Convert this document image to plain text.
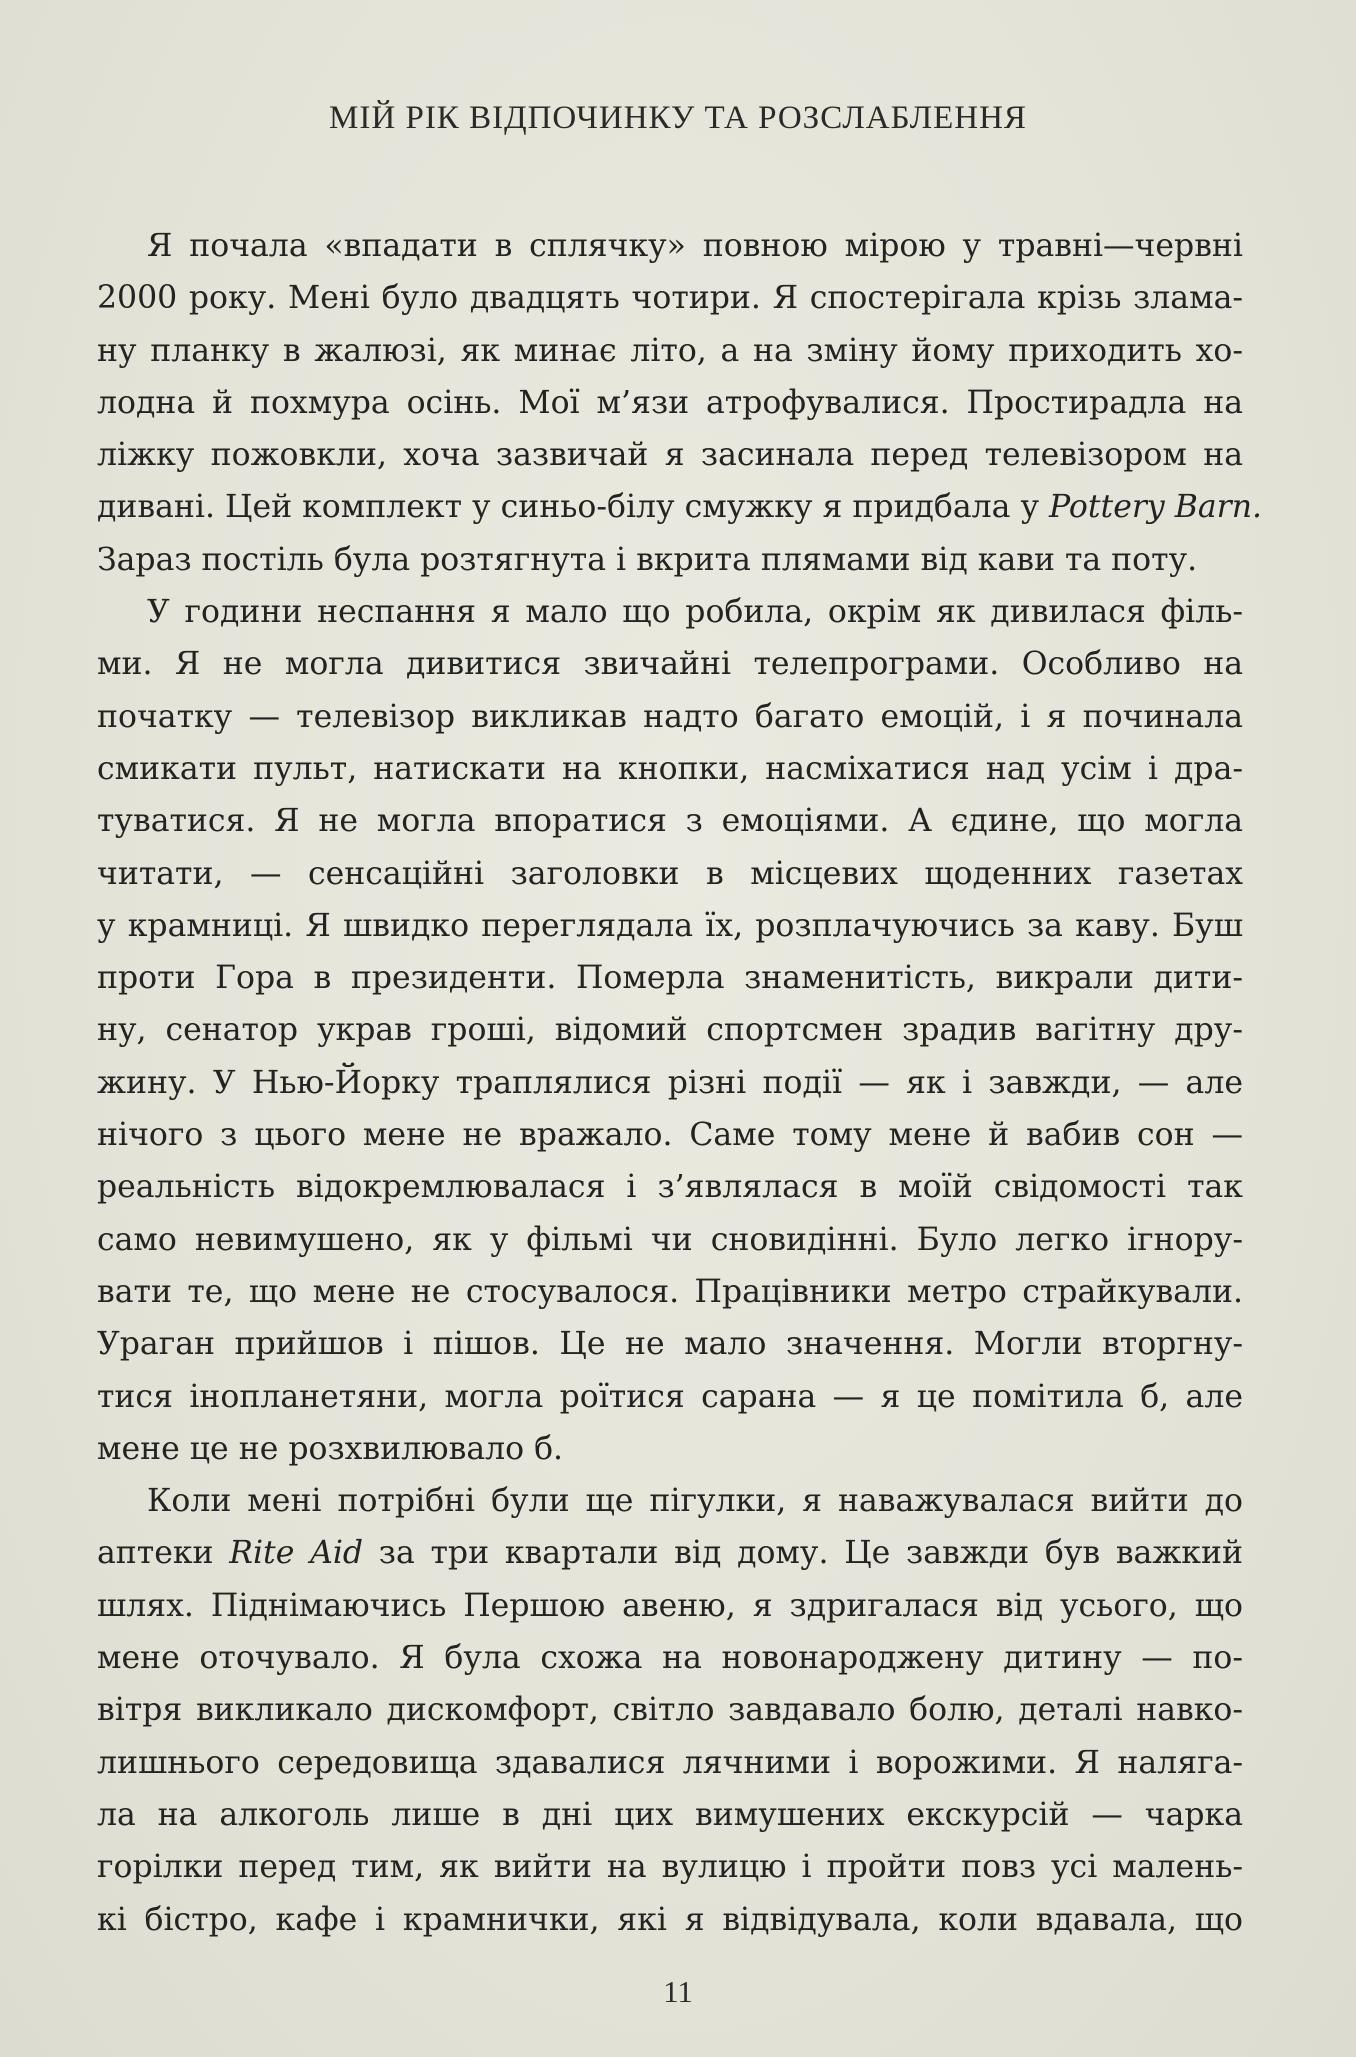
МІЙ РІК ВІДПОЧИНКУ ТА РОЗСЛАБЛЕННЯ
Я почала «впадати в сплячку» повною мірою у травні—червні
2000 року. Мені було двадцять чотири. Я спостерігала крізь злама-
ну планку в жалюзі, як минає літо, а на зміну йому приходить хо-
лодна й похмура осінь. Мої м’язи атрофувалися. Простирадла на
ліжку пожовкли, хоча зазвичай я засинала перед телевізором на
дивані. Цей комплект у синьо-білу смужку я придбала у Pottery Barn.
Зараз постіль була розтягнута і вкрита плямами від кави та поту.
У години неспання я мало що робила, окрім як дивилася філь-
ми. Я не могла дивитися звичайні телепрограми. Особливо на
початку — телевізор викликав надто багато емоцій, і я починала
смикати пульт, натискати на кнопки, насміхатися над усім і дра-
туватися. Я не могла впоратися з емоціями. А єдине, що могла
читати, — сенсаційні заголовки в місцевих щоденних газетах
у крамниці. Я швидко переглядала їх, розплачуючись за каву. Буш
проти Гора в президенти. Померла знаменитість, викрали дити-
ну, сенатор украв гроші, відомий спортсмен зрадив вагітну дру-
жину. У Нью-Йорку траплялися різні події — як і завжди, — але
нічого з цього мене не вражало. Саме тому мене й вабив сон —
реальність відокремлювалася і з’являлася в моїй свідомості так
само невимушено, як у фільмі чи сновидінні. Було легко ігнору-
вати те, що мене не стосувалося. Працівники метро страйкували.
Ураган прийшов і пішов. Це не мало значення. Могли вторгну-
тися інопланетяни, могла роїтися сарана — я це помітила б, але
мене це не розхвилювало б.
Коли мені потрібні були ще пігулки, я наважувалася вийти до
аптеки Rite Aid за три квартали від дому. Це завжди був важкий
шлях. Піднімаючись Першою авеню, я здригалася від усього, що
мене оточувало. Я була схожа на новонароджену дитину — по-
вітря викликало дискомфорт, світло завдавало болю, деталі навко-
лишнього середовища здавалися лячними і ворожими. Я наляга-
ла на алкоголь лише в дні цих вимушених екскурсій — чарка
горілки перед тим, як вийти на вулицю і пройти повз усі малень-
кі бістро, кафе і крамнички, які я відвідувала, коли вдавала, що
11
